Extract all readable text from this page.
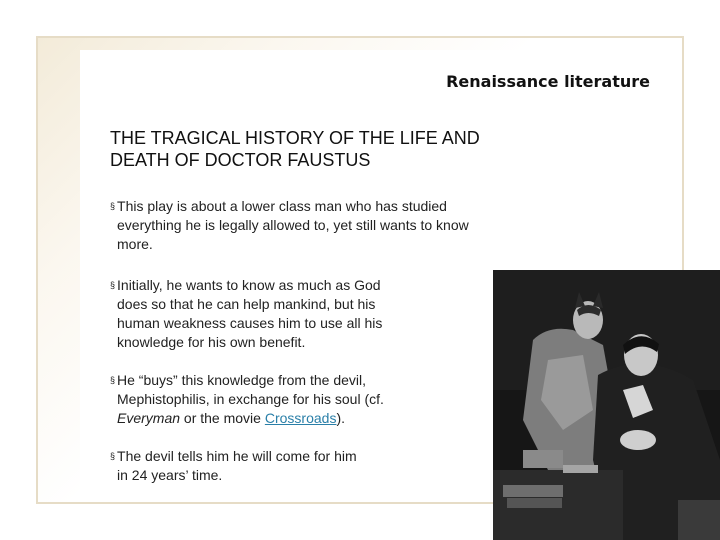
Renaissance literature
THE TRAGICAL HISTORY OF THE LIFE AND
DEATH OF DOCTOR FAUSTUS
§ This play is about a lower class man who has studied
everything he is legally allowed to, yet still wants to know
more.
§ Initially, he wants to know as much as God
does so that he can help mankind, but his
human weakness causes him to use all his
knowledge for his own benefit.
§ He “buys” this knowledge from the devil,
Mephistophilis, in exchange for his soul (cf.
Everyman or the movie Crossroads).
§ The devil tells him he will come for him
in 24 years’ time.
